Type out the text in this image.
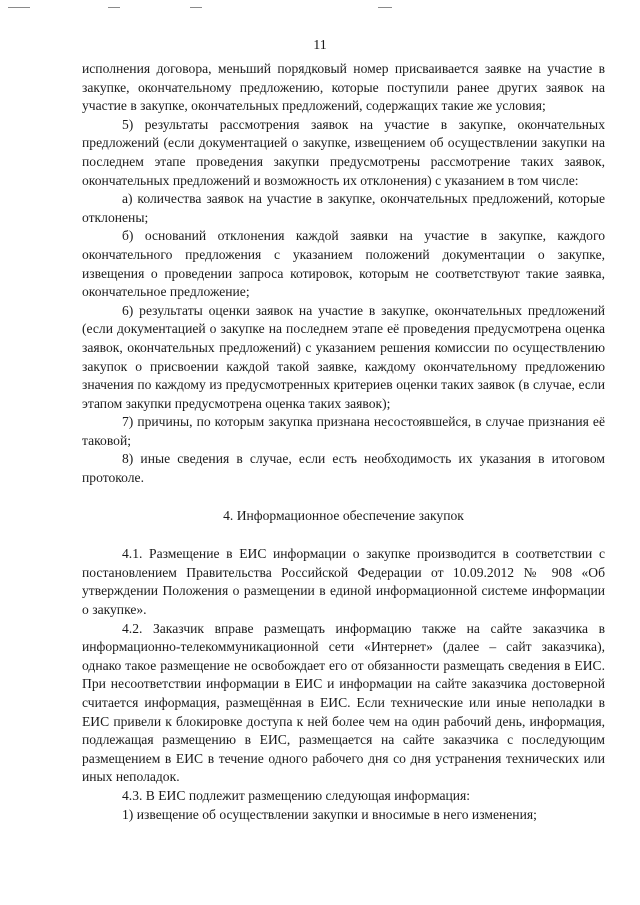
11

исполнения договора, меньший порядковый номер присваивается заявке на участие в закупке, окончательному предложению, которые поступили ранее других заявок на участие в закупке, окончательных предложений, содержащих такие же условия;

5) результаты рассмотрения заявок на участие в закупке, окончательных предложений (если документацией о закупке, извещением об осуществлении закупки на последнем этапе проведения закупки предусмотрены рассмотрение таких заявок, окончательных предложений и возможность их отклонения) с указанием в том числе:

а) количества заявок на участие в закупке, окончательных предложений, которые отклонены;

б) оснований отклонения каждой заявки на участие в закупке, каждого окончательного предложения с указанием положений документации о закупке, извещения о проведении запроса котировок, которым не соответствуют такие заявка, окончательное предложение;

6) результаты оценки заявок на участие в закупке, окончательных предложений (если документацией о закупке на последнем этапе её проведения предусмотрена оценка заявок, окончательных предложений) с указанием решения комиссии по осуществлению закупок о присвоении каждой такой заявке, каждому окончательному предложению значения по каждому из предусмотренных критериев оценки таких заявок (в случае, если этапом закупки предусмотрена оценка таких заявок);

7) причины, по которым закупка признана несостоявшейся, в случае признания её таковой;

8) иные сведения в случае, если есть необходимость их указания в итоговом протоколе.

4. Информационное обеспечение закупок

4.1. Размещение в ЕИС информации о закупке производится в соответствии с постановлением Правительства Российской Федерации от 10.09.2012 № 908 «Об утверждении Положения о размещении в единой информационной системе информации о закупке».

4.2. Заказчик вправе размещать информацию также на сайте заказчика в информационно-телекоммуникационной сети «Интернет» (далее – сайт заказчика), однако такое размещение не освобождает его от обязанности размещать сведения в ЕИС. При несоответствии информации в ЕИС и информации на сайте заказчика достоверной считается информация, размещённая в ЕИС. Если технические или иные неполадки в ЕИС привели к блокировке доступа к ней более чем на один рабочий день, информация, подлежащая размещению в ЕИС, размещается на сайте заказчика с последующим размещением в ЕИС в течение одного рабочего дня со дня устранения технических или иных неполадок.

4.3. В ЕИС подлежит размещению следующая информация:

1) извещение об осуществлении закупки и вносимые в него изменения;
